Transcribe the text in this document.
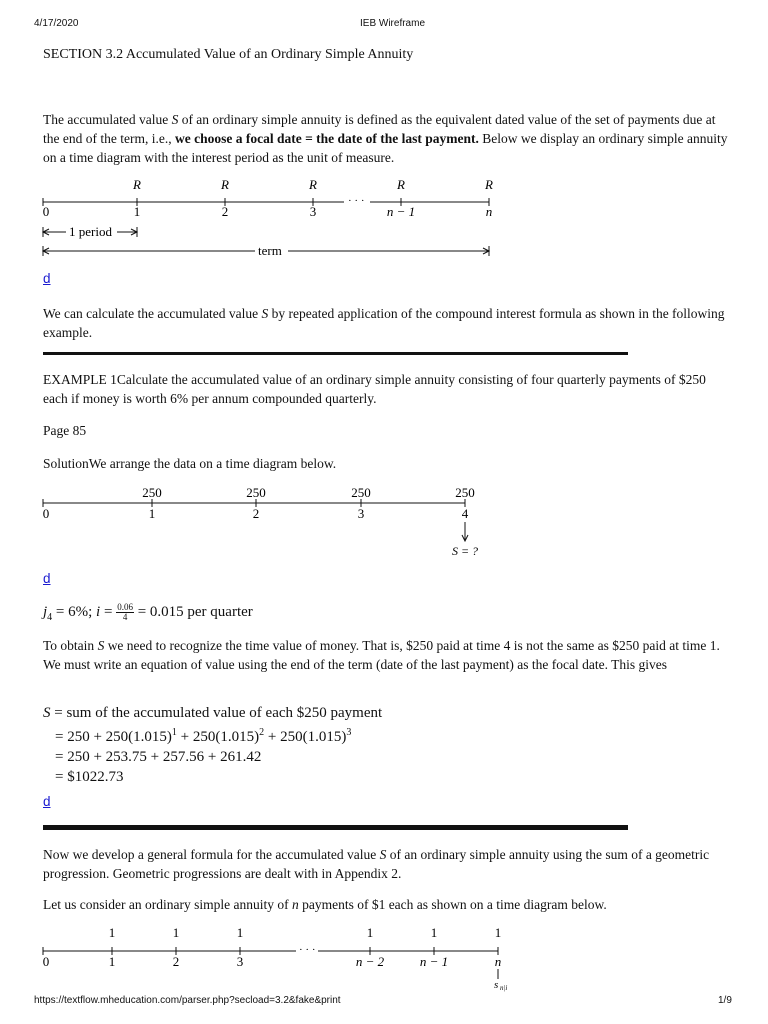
4/17/2020	IEB Wireframe
SECTION 3.2 Accumulated Value of an Ordinary Simple Annuity

The accumulated value S of an ordinary simple annuity is defined as the equivalent dated value of the set of payments due at the end of the term, i.e., we choose a focal date = the date of the last payment. Below we display an ordinary simple annuity on a time diagram with the interest period as the unit of measure.

R	R	R	R	R
· · ·
0	1	2	3	n − 1	n
1 period
term
d

We can calculate the accumulated value S by repeated application of the compound interest formula as shown in the following example.

EXAMPLE 1Calculate the accumulated value of an ordinary simple annuity consisting of four quarterly payments of $250 each if money is worth 6% per annum compounded quarterly.

Page 85

SolutionWe arrange the data on a time diagram below.

250	250	250	250
0	1	2	3	4
S = ?
d
$j_4 = 6\%$; $i = \frac{0.06}{4} = 0.015$ per quarter

To obtain S we need to recognize the time value of money. That is, $250 paid at time 4 is not the same as $250 paid at time 1. We must write an equation of value using the end of the term (date of the last payment) as the focal date. This gives

S = sum of the accumulated value of each $250 payment
= $250 + 250(1.015)^1 + 250(1.015)^2 + 250(1.015)^3$
= 250 + 253.75 + 257.56 + 261.42
= $1022.73
d

Now we develop a general formula for the accumulated value S of an ordinary simple annuity using the sum of a geometric progression. Geometric progressions are dealt with in Appendix 2.

Let us consider an ordinary simple annuity of n payments of $1 each as shown on a time diagram below.

1	1	1	1	1	1
· · ·
0	1	2	3	n − 2	n − 1	n
s n|i
https://textflow.mheducation.com/parser.php?secload=3.2&fake&print	1/9
